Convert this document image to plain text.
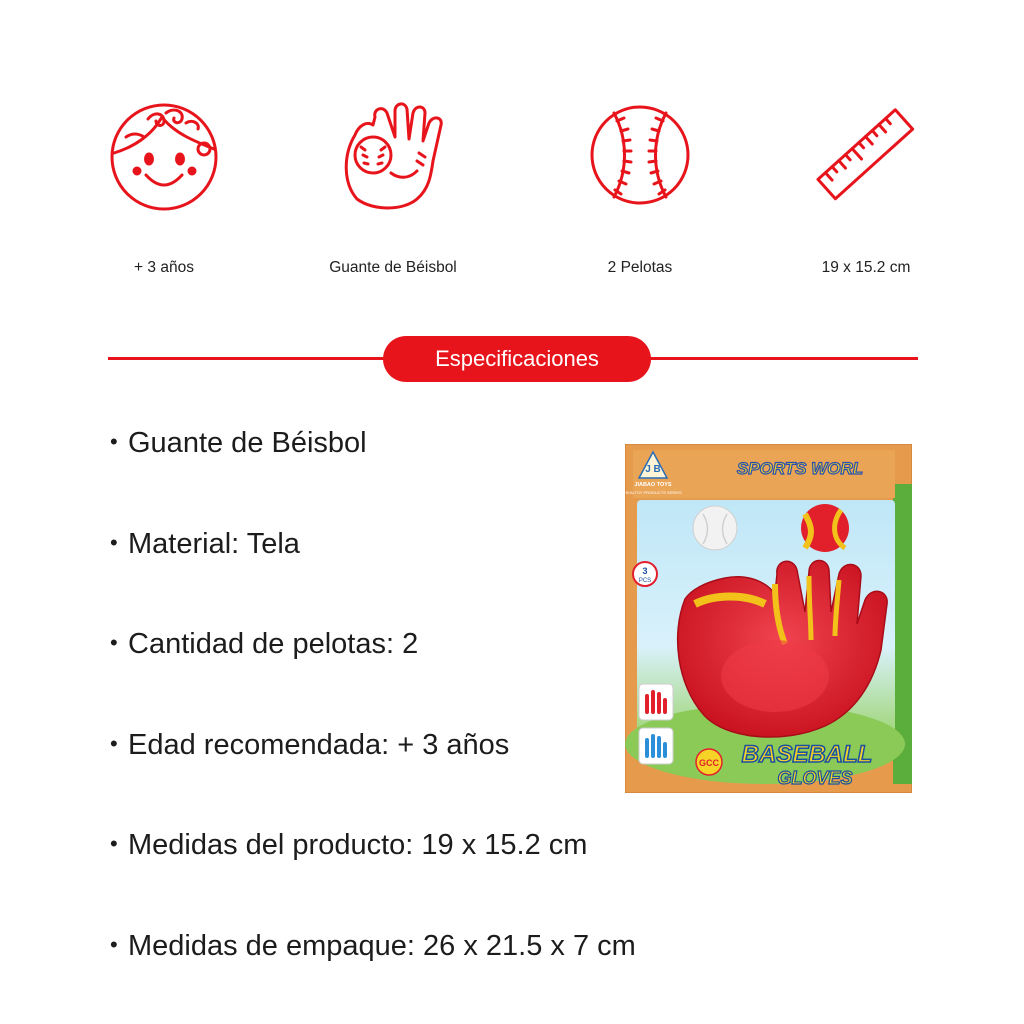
+ 3 años	Guante de Béisbol	2 Pelotas	19 x 15.2 cm
Especificaciones
• Guante de Béisbol
• Material: Tela
• Cantidad de pelotas: 2
• Edad recomendada: + 3 años
• Medidas del producto: 19 x 15.2 cm
• Medidas de empaque: 26 x 21.5 x 7 cm
J B
JIABAO TOYS
HEALTHY PRODUCTS SERIES
SPORTS WORL
3
PCS
GCC BASEBALL
GLOVES
